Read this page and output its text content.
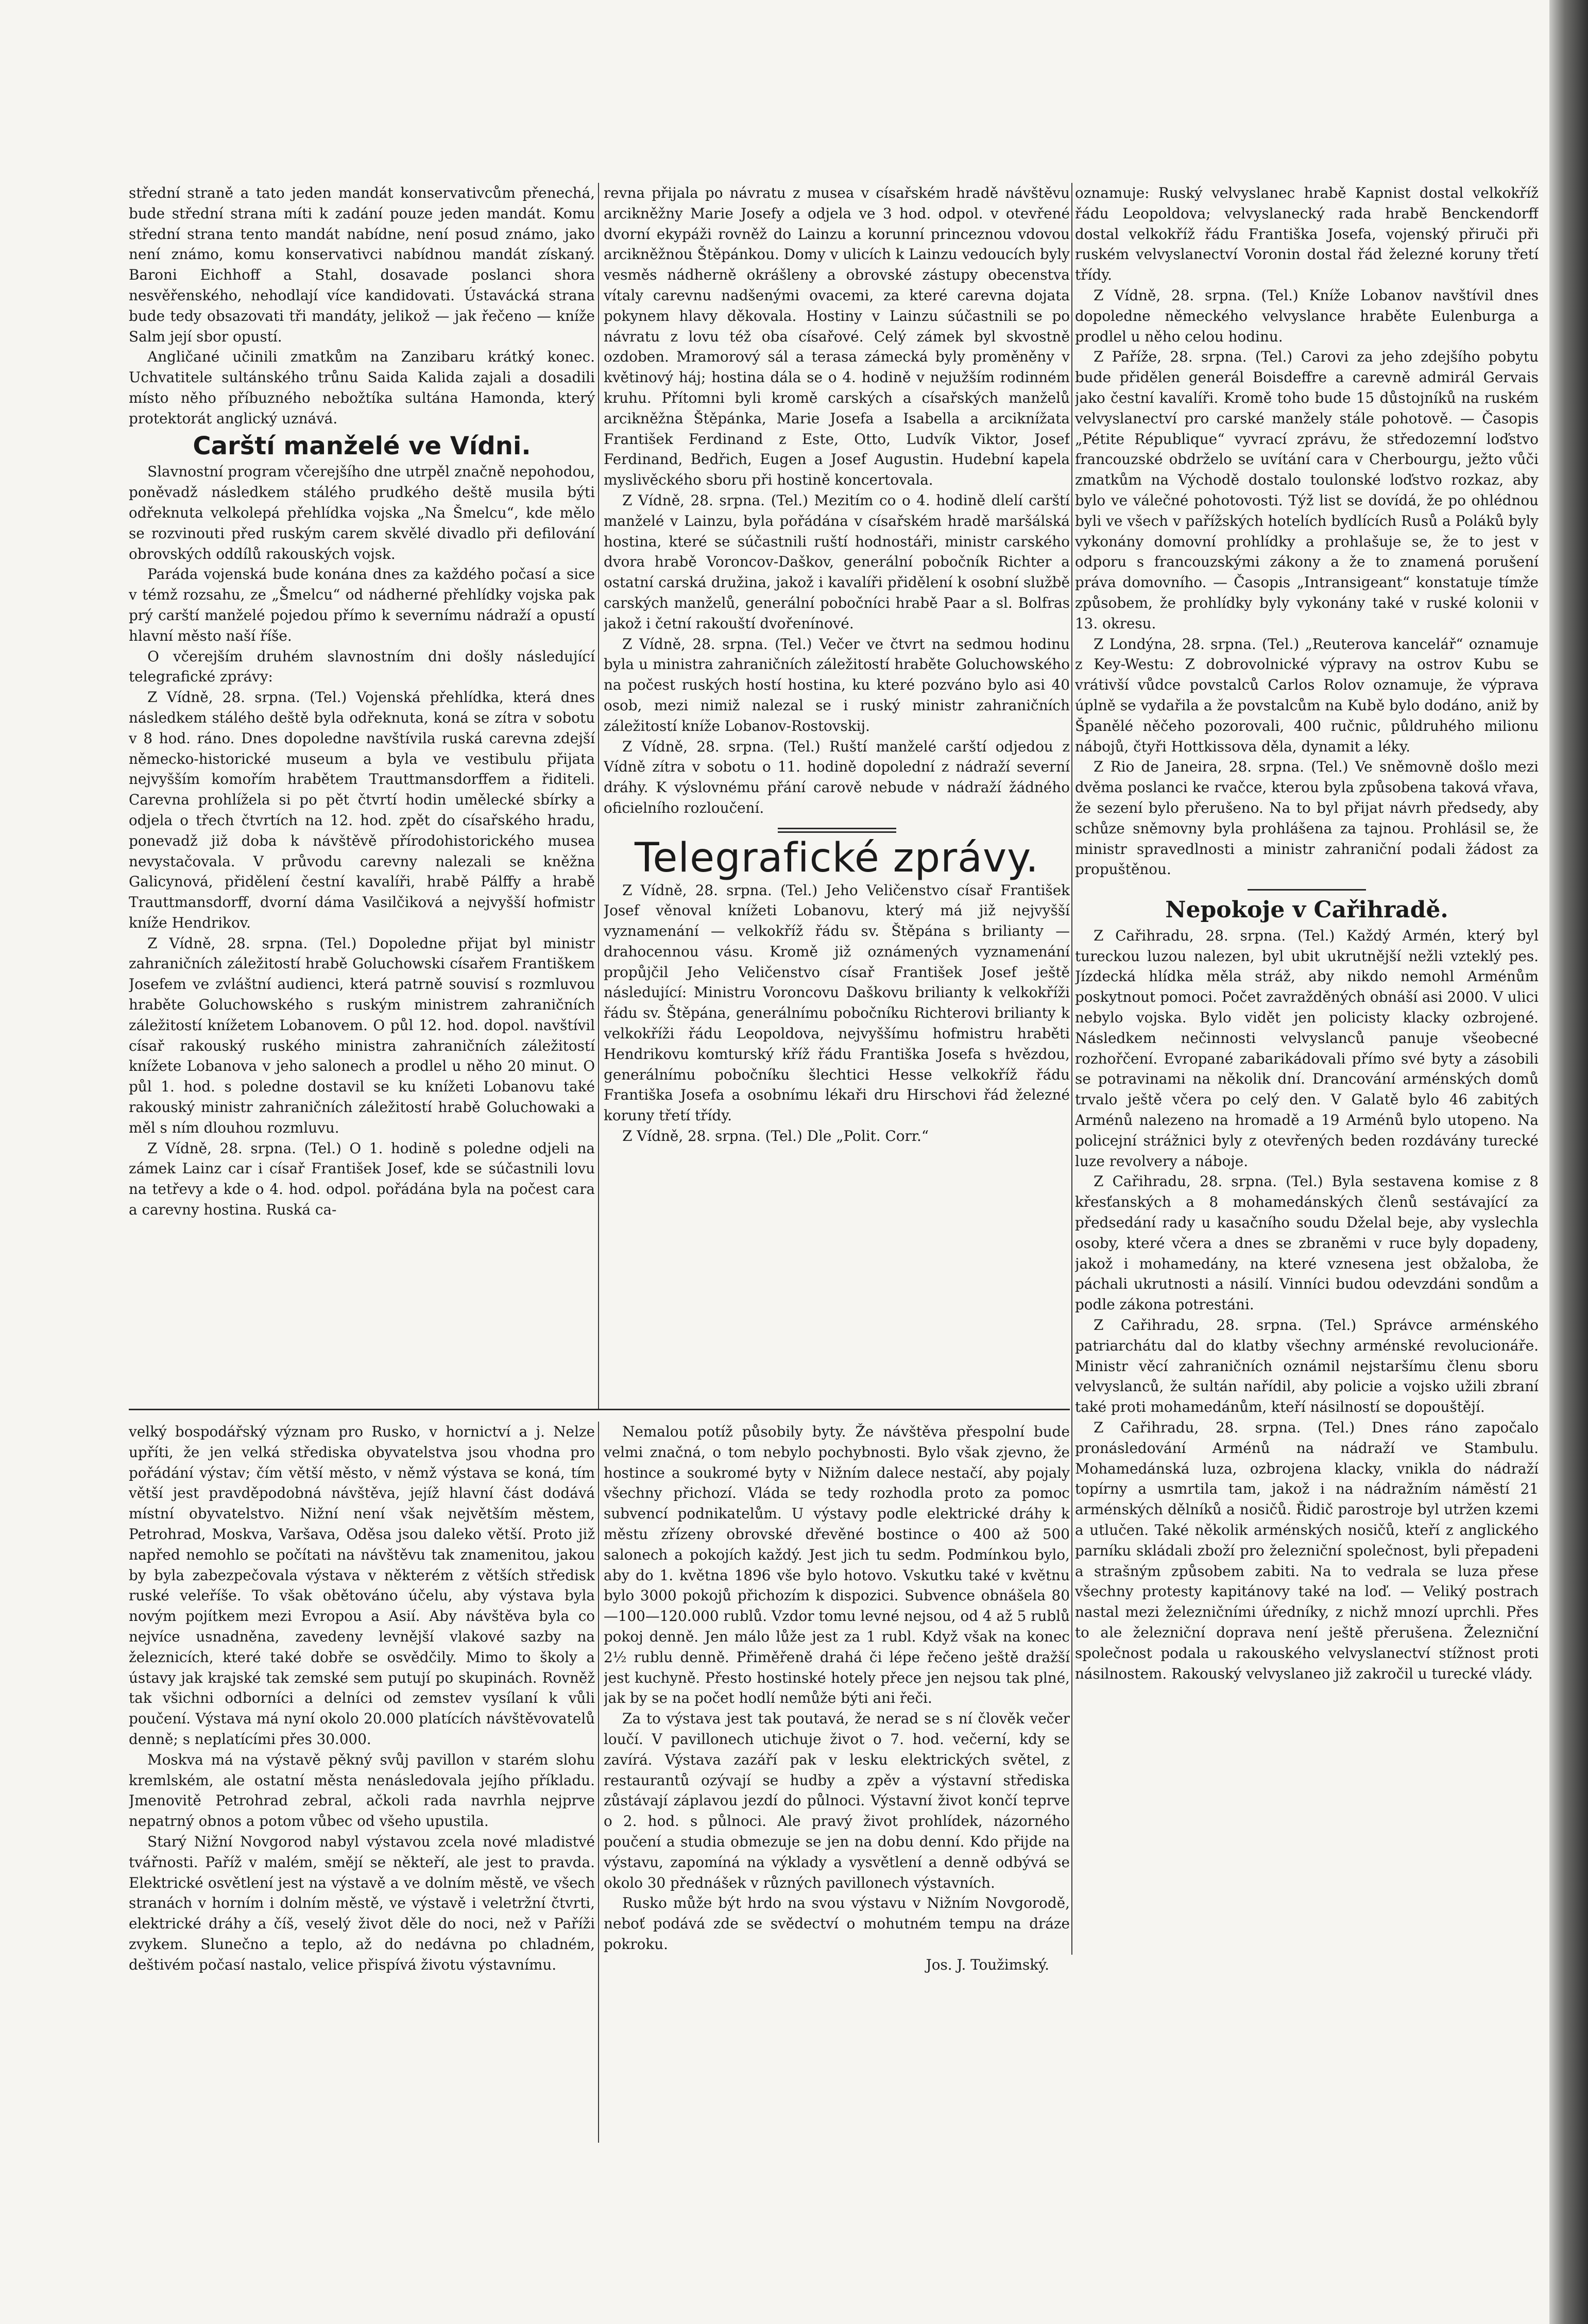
střední straně a tato jeden mandát konservativcům přenechá, bude střední strana míti k zadání pouze jeden mandát. Komu střední strana tento mandát nabídne, není posud známo, jako není známo, komu konservativci nabídnou mandát získaný. Baroni Eichhoff a Stahl, dosavade poslanci shora nesvěřenského, nehodlají více kandidovati. Ústavácká strana bude tedy obsazovati tři mandáty, jelikož — jak řečeno — kníže Salm její sbor opustí.

Angličané učinili zmatkům na Zanzibaru krátký konec. Uchvatitele sultánského trůnu Saida Kalida zajali a dosadili místo něho příbuzného nebožtíka sultána Hamonda, který protektorát anglický uznává.

Carští manželé ve Vídni.

Slavnostní program včerejšího dne utrpěl značně nepohodou, poněvadž následkem stálého prudkého deště musila býti odřeknuta velkolepá přehlídka vojska „Na Šmelcu“, kde mělo se rozvinouti před ruským carem skvělé divadlo při defilování obrovských oddílů rakouských vojsk.

Paráda vojenská bude konána dnes za každého počasí a sice v témž rozsahu, ze „Šmelcu“ od nádherné přehlídky vojska pak prý carští manželé pojedou přímo k severnímu nádraží a opustí hlavní město naší říše.

O včerejším druhém slavnostním dni došly následující telegrafické zprávy:

Z Vídně, 28. srpna. (Tel.) Vojenská přehlídka, která dnes následkem stálého deště byla odřeknuta, koná se zítra v sobotu v 8 hod. ráno. Dnes dopoledne navštívila ruská carevna zdejší německo-historické museum a byla ve vestibulu přijata nejvyšším komořím hrabětem Trauttmansdorffem a řiditeli. Carevna prohlížela si po pět čtvrtí hodin umělecké sbírky a odjela o třech čtvrtích na 12. hod. zpět do císařského hradu, ponevadž již doba k návštěvě přírodohistorického musea nevystačovala. V průvodu carevny nalezali se kněžna Galicynová, přidělení čestní kavalíři, hrabě Pálffy a hrabě Trauttmansdorff, dvorní dáma Vasilčiková a nejvyšší hofmistr kníže Hendrikov.

Z Vídně, 28. srpna. (Tel.) Dopoledne přijat byl ministr zahraničních záležitostí hrabě Goluchowski císařem Františkem Josefem ve zvláštní audienci, která patrně souvisí s rozmluvou hraběte Goluchowského s ruským ministrem zahraničních záležitostí knížetem Lobanovem. O půl 12. hod. dopol. navštívil císař rakouský ruského ministra zahraničních záležitostí knížete Lobanova v jeho salonech a prodlel u něho 20 minut. O půl 1. hod. s poledne dostavil se ku knížeti Lobanovu také rakouský ministr zahraničních záležitostí hrabě Goluchowaki a měl s ním dlouhou rozmluvu.

Z Vídně, 28. srpna. (Tel.) O 1. hodině s poledne odjeli na zámek Lainz car i císař František Josef, kde se súčastnili lovu na tetřevy a kde o 4. hod. odpol. pořádána byla na počest cara a carevny hostina. Ruská ca-

revna přijala po návratu z musea v císařském hradě návštěvu arcikněžny Marie Josefy a odjela ve 3 hod. odpol. v otevřené dvorní ekypáži rovněž do Lainzu a korunní princeznou vdovou arcikněžnou Štěpánkou. Domy v ulicích k Lainzu vedoucích byly vesměs nádherně okrášleny a obrovské zástupy obecenstva vítaly carevnu nadšenými ovacemi, za které carevna dojata pokynem hlavy děkovala. Hostiny v Lainzu súčastnili se po návratu z lovu též oba císařové. Celý zámek byl skvostně ozdoben. Mramorový sál a terasa zámecká byly proměněny v květinový háj; hostina dála se o 4. hodině v nejužším rodinném kruhu. Přítomni byli kromě carských a císařských manželů arcikněžna Štěpánka, Marie Josefa a Isabella a arciknížata František Ferdinand z Este, Otto, Ludvík Viktor, Josef Ferdinand, Bedřich, Eugen a Josef Augustin. Hudební kapela myslivěckého sboru při hostině koncertovala.

Z Vídně, 28. srpna. (Tel.) Mezitím co o 4. hodině dlelí carští manželé v Lainzu, byla pořádána v císařském hradě maršálská hostina, které se súčastnili ruští hodnostáři, ministr carského dvora hrabě Voroncov-Daškov, generální pobočník Richter a ostatní carská družina, jakož i kavalíři přidělení k osobní službě carských manželů, generální pobočníci hrabě Paar a sl. Bolfras jakož i četní rakouští dvořenínové.

Z Vídně, 28. srpna. (Tel.) Večer ve čtvrt na sedmou hodinu byla u ministra zahraničních záležitostí hraběte Goluchowského na počest ruských hostí hostina, ku které pozváno bylo asi 40 osob, mezi nimiž nalezal se i ruský ministr zahraničních záležitostí kníže Lobanov-Rostovskij.

Z Vídně, 28. srpna. (Tel.) Ruští manželé carští odjedou z Vídně zítra v sobotu o 11. hodině dopolední z nádraží severní dráhy. K výslovnému přání carově nebude v nádraží žádného oficielního rozloučení.

Telegrafické zprávy.

Z Vídně, 28. srpna. (Tel.) Jeho Veličenstvo císař František Josef věnoval knížeti Lobanovu, který má již nejvyšší vyznamenání — velkokříž řádu sv. Štěpána s brilianty — drahocennou vásu. Kromě již oznámených vyznamenání propůjčil Jeho Veličenstvo císař František Josef ještě následující: Ministru Voroncovu Daškovu brilianty k velkokříži řádu sv. Štěpána, generálnímu pobočníku Richterovi brilianty k velkokříži řádu Leopoldova, nejvyššímu hofmistru hraběti Hendrikovu komturský kříž řádu Františka Josefa s hvězdou, generálnímu pobočníku šlechtici Hesse velkokříž řádu Františka Josefa a osobnímu lékaři dru Hirschovi řád železné koruny třetí třídy.

Z Vídně, 28. srpna. (Tel.) Dle „Polit. Corr.“

oznamuje: Ruský velvyslanec hrabě Kapnist dostal velkokříž řádu Leopoldova; velvyslanecký rada hrabě Benckendorff dostal velkokříž řádu Františka Josefa, vojenský přiruči při ruském velvyslanectví Voronin dostal řád železné koruny třetí třídy.

Z Vídně, 28. srpna. (Tel.) Kníže Lobanov navštívil dnes dopoledne německého velvyslance hraběte Eulenburga a prodlel u něho celou hodinu.

Z Paříže, 28. srpna. (Tel.) Carovi za jeho zdejšího pobytu bude přidělen generál Boisdeffre a carevně admirál Gervais jako čestní kavalíři. Kromě toho bude 15 důstojníků na ruském velvyslanectví pro carské manžely stále pohotově. — Časopis „Pétite République“ vyvrací zprávu, že středozemní loďstvo francouzské obdrželo se uvítání cara v Cherbourgu, ježto vůči zmatkům na Východě dostalo toulonské loďstvo rozkaz, aby bylo ve válečné pohotovosti. Týž list se dovídá, že po ohlédnou byli ve všech v pařížských hotelích bydlících Rusů a Poláků byly vykonány domovní prohlídky a prohlašuje se, že to jest v odporu s francouzskými zákony a že to znamená porušení práva domovního. — Časopis „Intransigeant“ konstatuje tímže způsobem, že prohlídky byly vykonány také v ruské kolonii v 13. okresu.

Z Londýna, 28. srpna. (Tel.) „Reuterova kancelář“ oznamuje z Key-Westu: Z dobrovolnické výpravy na ostrov Kubu se vrátivší vůdce povstalců Carlos Rolov oznamuje, že výprava úplně se vydařila a že povstalcům na Kubě bylo dodáno, aniž by Španělé něčeho pozorovali, 400 ručnic, půldruhého milionu nábojů, čtyři Hottkissova děla, dynamit a léky.

Z Rio de Janeira, 28. srpna. (Tel.) Ve sněmovně došlo mezi dvěma poslanci ke rvačce, kterou byla způsobena taková vřava, že sezení bylo přerušeno. Na to byl přijat návrh předsedy, aby schůze sněmovny byla prohlášena za tajnou. Prohlásil se, že ministr spravedlnosti a ministr zahraniční podali žádost za propuštěnou.

Nepokoje v Cařihradě.

Z Cařihradu, 28. srpna. (Tel.) Každý Armén, který byl tureckou luzou nalezen, byl ubit ukrutnější nežli vzteklý pes. Jízdecká hlídka měla stráž, aby nikdo nemohl Arménům poskytnout pomoci. Počet zavražděných obnáší asi 2000. V ulici nebylo vojska. Bylo vidět jen policisty klacky ozbrojené. Následkem nečinnosti velvyslanců panuje všeobecné rozhořčení. Evropané zabarikádovali přímo své byty a zásobili se potravinami na několik dní. Drancování arménských domů trvalo ještě včera po celý den. V Galatě bylo 46 zabitých Arménů nalezeno na hromadě a 19 Arménů bylo utopeno. Na policejní strážnici byly z otevřených beden rozdávány turecké luze revolvery a náboje.

Z Cařihradu, 28. srpna. (Tel.) Byla sestavena komise z 8 křesťanských a 8 mohamedánských členů sestávající za předsedání rady u kasačního soudu Dželal beje, aby vyslechla osoby, které včera a dnes se zbraněmi v ruce byly dopadeny, jakož i mohamedány, na které vznesena jest obžaloba, že páchali ukrutnosti a násilí. Vinníci budou odevzdáni sondům a podle zákona potrestáni.

Z Cařihradu, 28. srpna. (Tel.) Správce arménského patriarchátu dal do klatby všechny arménské revolucionáře. Ministr věcí zahraničních oznámil nejstaršímu členu sboru velvyslanců, že sultán nařídil, aby policie a vojsko užili zbraní také proti mohamedánům, kteří násilností se dopouštějí.

Z Cařihradu, 28. srpna. (Tel.) Dnes ráno započalo pronásledování Arménů na nádraží ve Stambulu. Mohamedánská luza, ozbrojena klacky, vnikla do nádraží topírny a usmrtila tam, jakož i na nádražním náměstí 21 arménských dělníků a nosičů. Řidič parostroje byl utržen kzemi a utlučen. Také několik arménských nosičů, kteří z anglického parníku skládali zboží pro železniční společnost, byli přepadeni a strašným způsobem zabiti. Na to vedrala se luza přese všechny protesty kapitánovy také na loď. — Veliký postrach nastal mezi železničními úředníky, z nichž mnozí uprchli. Přes to ale železniční doprava není ještě přerušena. Železniční společnost podala u rakouského velvyslanectví stížnost proti násilnostem. Rakouský velvyslaneo již zakročil u turecké vlády.

velký bospodářský význam pro Rusko, v hornictví a j. Nelze upříti, že jen velká střediska obyvatelstva jsou vhodna pro pořádání výstav; čím větší město, v němž výstava se koná, tím větší jest pravděpodobná návštěva, jejíž hlavní část dodává místní obyvatelstvo. Nižní není však největším městem, Petrohrad, Moskva, Varšava, Oděsa jsou daleko větší. Proto již napřed nemohlo se počítati na návštěvu tak znamenitou, jakou by byla zabezpečovala výstava v některém z větších středisk ruské veleříše. To však obětováno účelu, aby výstava byla novým pojítkem mezi Evropou a Asií. Aby návštěva byla co nejvíce usnadněna, zavedeny levnější vlakové sazby na železnicích, které také dobře se osvědčily. Mimo to školy a ústavy jak krajské tak zemské sem putují po skupinách. Rovněž tak všichni odborníci a delníci od zemstev vysílaní k vůli poučení. Výstava má nyní okolo 20.000 platících návštěvovatelů denně; s neplatícími přes 30.000.

Moskva má na výstavě pěkný svůj pavillon v starém slohu kremlském, ale ostatní města nenásledovala jejího příkladu. Jmenovitě Petrohrad zebral, ačkoli rada navrhla nejprve nepatrný obnos a potom vůbec od všeho upustila.

Starý Nižní Novgorod nabyl výstavou zcela nové mladistvé tvářnosti. Paříž v malém, smějí se někteří, ale jest to pravda. Elektrické osvětlení jest na výstavě a ve dolním městě, ve všech stranách v horním i dolním městě, ve výstavě i veletržní čtvrti, elektrické dráhy a číš, veselý život děle do noci, než v Paříži zvykem. Slunečno a teplo, až do nedávna po chladném, deštivém počasí nastalo, velice přispívá životu výstavnímu.

Nemalou potíž působily byty. Že návštěva přespolní bude velmi značná, o tom nebylo pochybnosti. Bylo však zjevno, že hostince a soukromé byty v Nižním dalece nestačí, aby pojaly všechny přichozí. Vláda se tedy rozhodla proto za pomoc subvencí podnikatelům. U výstavy podle elektrické dráhy k městu zřízeny obrovské dřevěné bostince o 400 až 500 salonech a pokojích každý. Jest jich tu sedm. Podmínkou bylo, aby do 1. května 1896 vše bylo hotovo. Vskutku také v květnu bylo 3000 pokojů přichozím k dispozici. Subvence obnášela 80—100—120.000 rublů. Vzdor tomu levné nejsou, od 4 až 5 rublů pokoj denně. Jen málo lůže jest za 1 rubl. Když však na konec 2½ rublu denně. Přiměřeně drahá či lépe řečeno ještě dražší jest kuchyně. Přesto hostinské hotely přece jen nejsou tak plné, jak by se na počet hodlí nemůže býti ani řeči.

Za to výstava jest tak poutavá, že nerad se s ní člověk večer loučí. V pavillonech utichuje život o 7. hod. večerní, kdy se zavírá. Výstava zazáří pak v lesku elektrických světel, z restaurantů ozývají se hudby a zpěv a výstavní střediska zůstávají záplavou jezdí do půlnoci. Výstavní život končí teprve o 2. hod. s půlnoci. Ale pravý život prohlídek, názorného poučení a studia obmezuje se jen na dobu denní. Kdo přijde na výstavu, zapomíná na výklady a vysvětlení a denně odbývá se okolo 30 přednášek v různých pavillonech výstavních.

Rusko může být hrdo na svou výstavu v Nižním Novgorodě, neboť podává zde se svědectví o mohutném tempu na dráze pokroku.

Jos. J. Toužimský.
